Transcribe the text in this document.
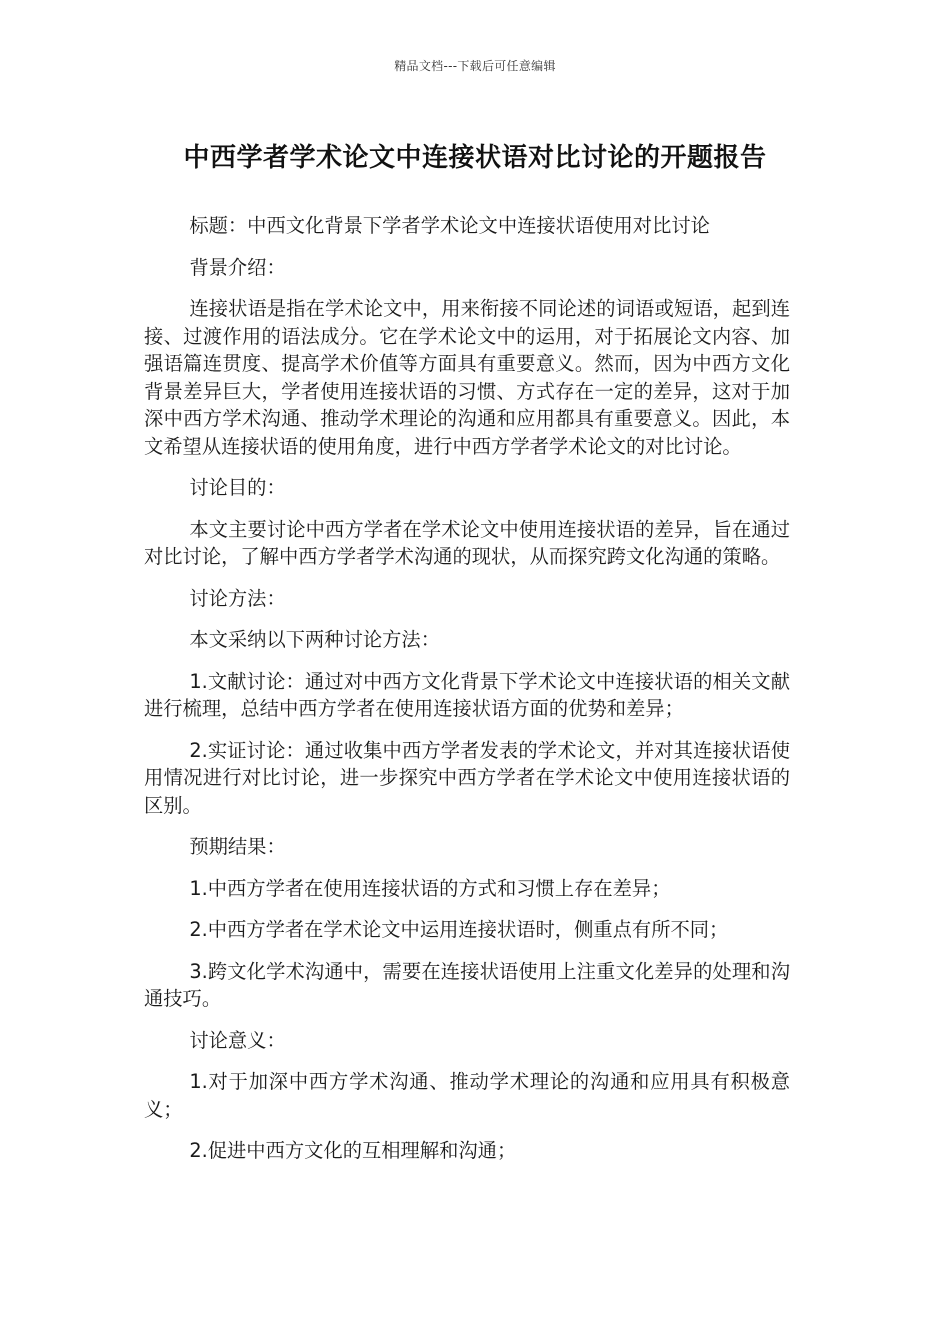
精品文档---下载后可任意编辑
中西学者学术论文中连接状语对比讨论的开题报告

标题：中西文化背景下学者学术论文中连接状语使用对比讨论

背景介绍：

连接状语是指在学术论文中，用来衔接不同论述的词语或短语，起到连接、过渡作用的语法成分。它在学术论文中的运用，对于拓展论文内容、加强语篇连贯度、提高学术价值等方面具有重要意义。然而，因为中西方文化背景差异巨大，学者使用连接状语的习惯、方式存在一定的差异，这对于加深中西方学术沟通、推动学术理论的沟通和应用都具有重要意义。因此，本文希望从连接状语的使用角度，进行中西方学者学术论文的对比讨论。

讨论目的：

本文主要讨论中西方学者在学术论文中使用连接状语的差异，旨在通过对比讨论，了解中西方学者学术沟通的现状，从而探究跨文化沟通的策略。

讨论方法：

本文采纳以下两种讨论方法：

1.文献讨论：通过对中西方文化背景下学术论文中连接状语的相关文献进行梳理，总结中西方学者在使用连接状语方面的优势和差异；

2.实证讨论：通过收集中西方学者发表的学术论文，并对其连接状语使用情况进行对比讨论，进一步探究中西方学者在学术论文中使用连接状语的区别。

预期结果：

1.中西方学者在使用连接状语的方式和习惯上存在差异；

2.中西方学者在学术论文中运用连接状语时，侧重点有所不同；

3.跨文化学术沟通中，需要在连接状语使用上注重文化差异的处理和沟通技巧。

讨论意义：

1.对于加深中西方学术沟通、推动学术理论的沟通和应用具有积极意义；

2.促进中西方文化的互相理解和沟通；
